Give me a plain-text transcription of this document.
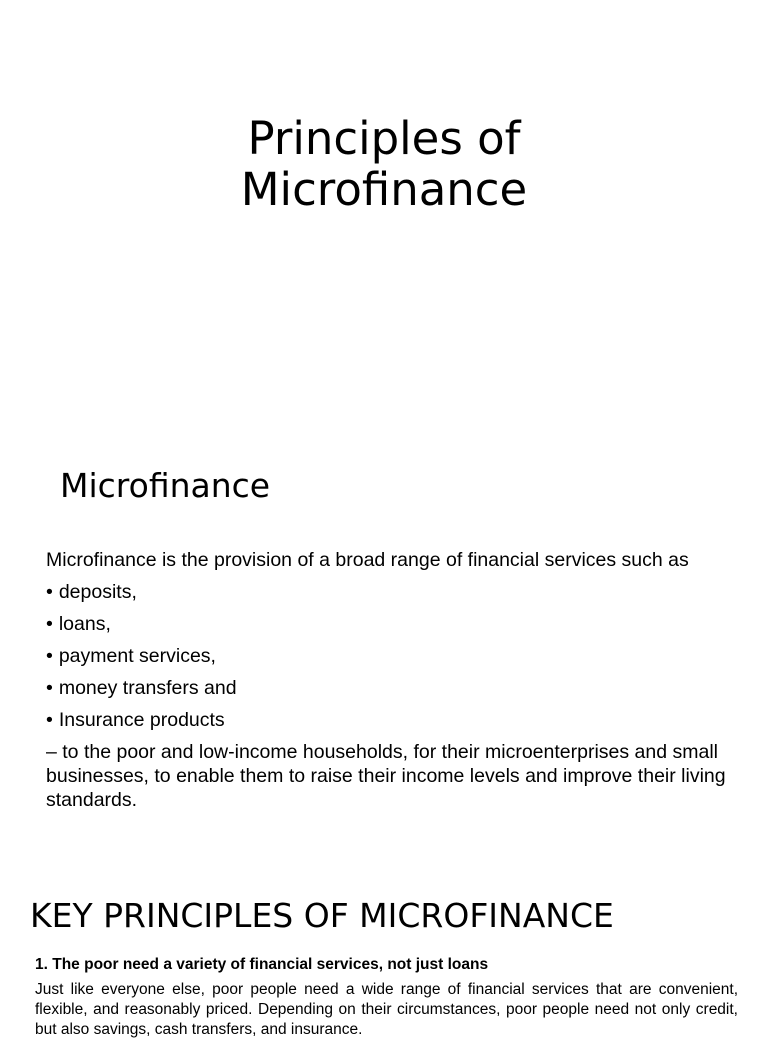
Principles of
Microfinance
Microfinance

Microfinance is the provision of a broad range of financial services such as

• deposits,
• loans,
• payment services,
• money transfers and
• Insurance products

– to the poor and low-income households, for their microenterprises and small businesses, to enable them to raise their income levels and improve their living standards.

KEY PRINCIPLES OF MICROFINANCE
1. The poor need a variety of financial services, not just loans

Just like everyone else, poor people need a wide range of financial services that are convenient, flexible, and reasonably priced. Depending on their circumstances, poor people need not only credit, but also savings, cash transfers, and insurance.
